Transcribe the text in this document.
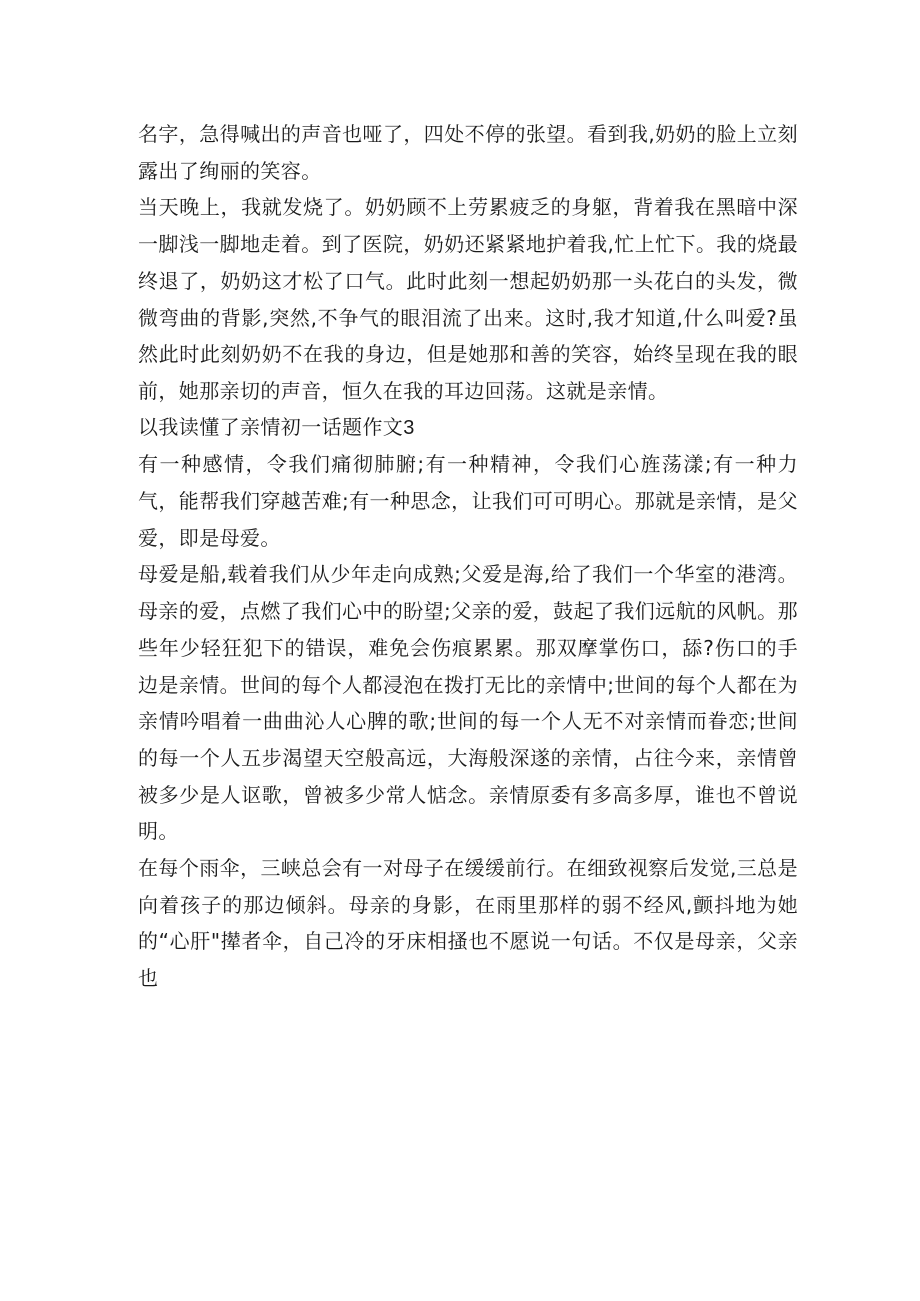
名字，急得喊出的声音也哑了，四处不停的张望。看到我,奶奶的脸上立刻露出了绚丽的笑容。

当天晚上，我就发烧了。奶奶顾不上劳累疲乏的身躯，背着我在黑暗中深一脚浅一脚地走着。到了医院，奶奶还紧紧地护着我,忙上忙下。我的烧最终退了，奶奶这才松了口气。此时此刻一想起奶奶那一头花白的头发，微微弯曲的背影,突然,不争气的眼泪流了出来。这时,我才知道,什么叫爱?虽然此时此刻奶奶不在我的身边，但是她那和善的笑容，始终呈现在我的眼前，她那亲切的声音，恒久在我的耳边回荡。这就是亲情。

以我读懂了亲情初一话题作文3

有一种感情，令我们痛彻肺腑;有一种精神，令我们心旌荡漾;有一种力气，能帮我们穿越苦难;有一种思念，让我们可可明心。那就是亲情，是父爱，即是母爱。

母爱是船,载着我们从少年走向成熟;父爱是海,给了我们一个华室的港湾。母亲的爱，点燃了我们心中的盼望;父亲的爱，鼓起了我们远航的风帆。那些年少轻狂犯下的错误，难免会伤痕累累。那双摩掌伤口，舔?伤口的手边是亲情。世间的每个人都浸泡在拨打无比的亲情中;世间的每个人都在为亲情吟唱着一曲曲沁人心脾的歌;世间的每一个人无不对亲情而眷恋;世间的每一个人五步渴望天空般高远，大海般深遂的亲情，占往今来，亲情曾被多少是人讴歌，曾被多少常人惦念。亲情原委有多高多厚，谁也不曾说明。

在每个雨伞，三峡总会有一对母子在缓缓前行。在细致视察后发觉,三总是向着孩子的那边倾斜。母亲的身影，在雨里那样的弱不经风,颤抖地为她的“心肝"撵者伞，自己冷的牙床相搔也不愿说一句话。不仅是母亲，父亲也
